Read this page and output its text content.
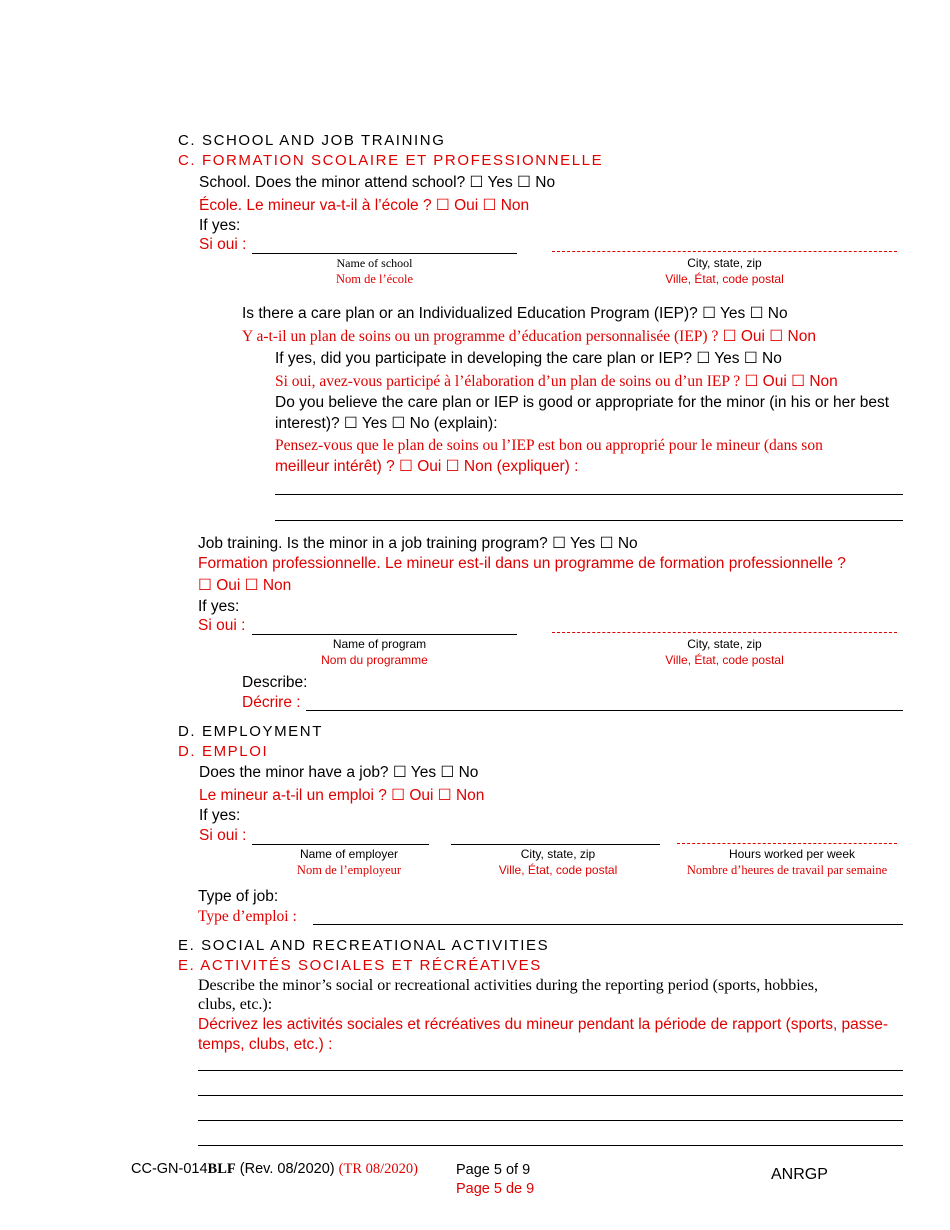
C. SCHOOL AND JOB TRAINING
C. FORMATION SCOLAIRE ET PROFESSIONNELLE
School. Does the minor attend school? ☐ Yes ☐ No
École. Le mineur va-t-il à l’école ? ☐ Oui ☐ Non
If yes:
Si oui :
Name of school
Nom de l’école
City, state, zip
Ville, État, code postal
Is there a care plan or an Individualized Education Program (IEP)? ☐ Yes ☐ No
Y a-t-il un plan de soins ou un programme d’éducation personnalisée (IEP) ? ☐ Oui ☐ Non
If yes, did you participate in developing the care plan or IEP? ☐ Yes ☐ No
Si oui, avez-vous participé à l’élaboration d’un plan de soins ou d’un IEP ? ☐ Oui ☐ Non
Do you believe the care plan or IEP is good or appropriate for the minor (in his or her best
interest)? ☐ Yes ☐ No (explain):
Pensez-vous que le plan de soins ou l’IEP est bon ou approprié pour le mineur (dans son
meilleur intérêt) ? ☐ Oui ☐ Non (expliquer) :
Job training. Is the minor in a job training program? ☐ Yes ☐ No
Formation professionnelle. Le mineur est-il dans un programme de formation professionnelle ?
☐ Oui ☐ Non
If yes:
Si oui :
Name of program
Nom du programme
City, state, zip
Ville, État, code postal
Describe:
Décrire :
D. EMPLOYMENT
D. EMPLOI
Does the minor have a job? ☐ Yes ☐ No
Le mineur a-t-il un emploi ? ☐ Oui ☐ Non
If yes:
Si oui :
Name of employer
Nom de l’employeur
City, state, zip
Ville, État, code postal
Hours worked per week
Nombre d’heures de travail par semaine
Type of job:
Type d’emploi :
E. SOCIAL AND RECREATIONAL ACTIVITIES
E. ACTIVITÉS SOCIALES ET RÉCRÉATIVES
Describe the minor’s social or recreational activities during the reporting period (sports, hobbies,
clubs, etc.):
Décrivez les activités sociales et récréatives du mineur pendant la période de rapport (sports, passe-
temps, clubs, etc.) :
CC-GN-014BLF (Rev. 08/2020) (TR 08/2020)	Page 5 of 9
Page 5 de 9
ANRGP
